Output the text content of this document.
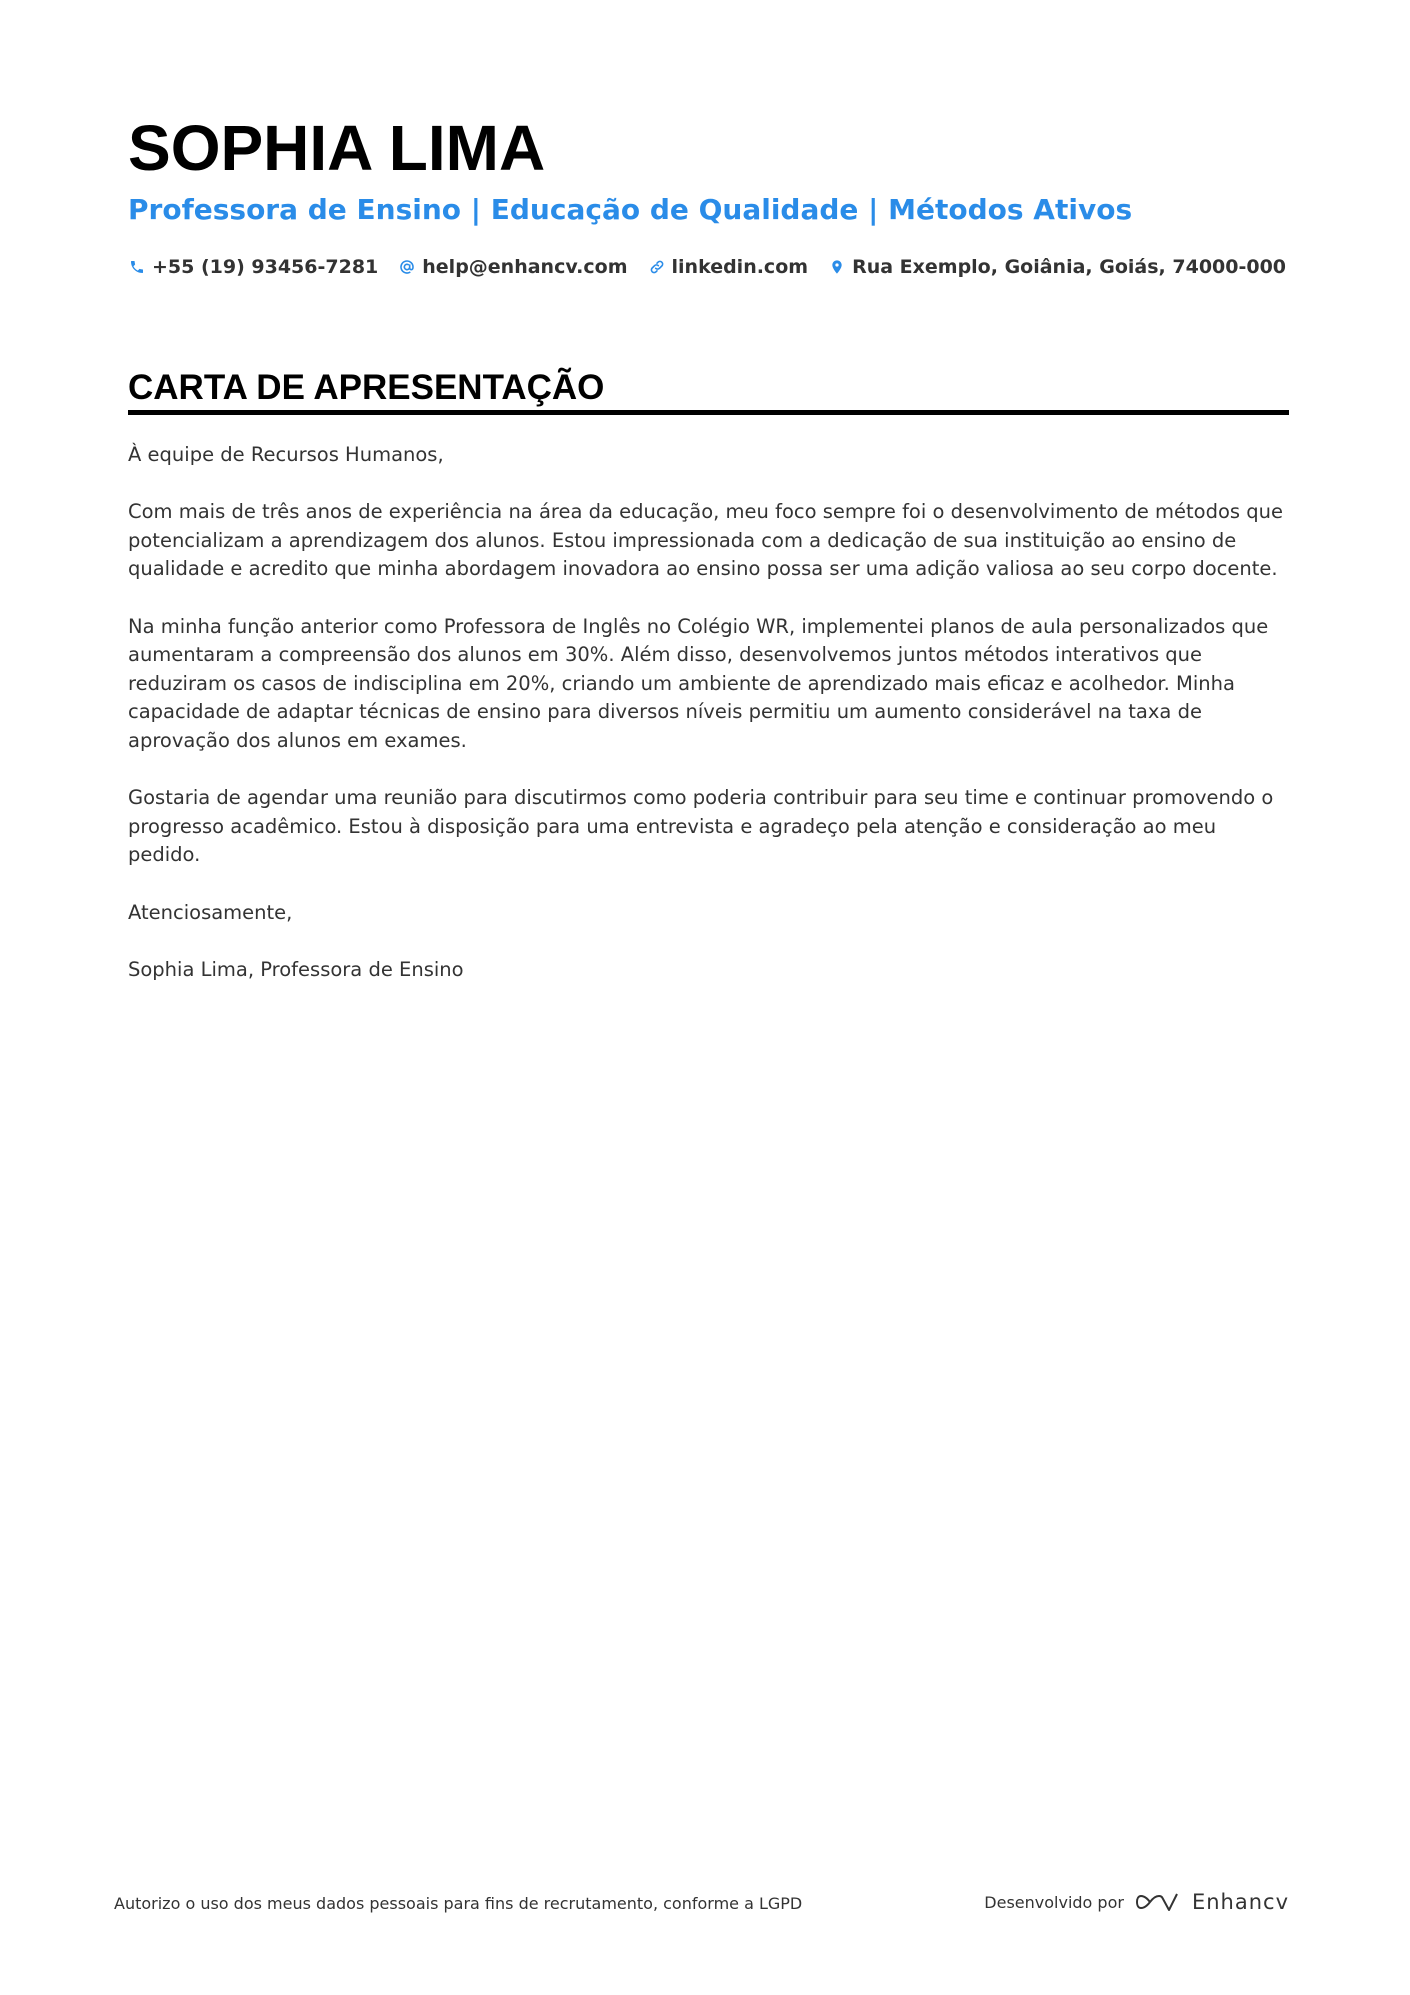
SOPHIA LIMA
Professora de Ensino | Educação de Qualidade | Métodos Ativos
+55 (19) 93456-7281 help@enhancv.com linkedin.com Rua Exemplo, Goiânia, Goiás, 74000-000
CARTA DE APRESENTAÇÃO

À equipe de Recursos Humanos,

Com mais de três anos de experiência na área da educação, meu foco sempre foi o desenvolvimento de métodos que potencializam a aprendizagem dos alunos. Estou impressionada com a dedicação de sua instituição ao ensino de qualidade e acredito que minha abordagem inovadora ao ensino possa ser uma adição valiosa ao seu corpo docente.

Na minha função anterior como Professora de Inglês no Colégio WR, implementei planos de aula personalizados que aumentaram a compreensão dos alunos em 30%. Além disso, desenvolvemos juntos métodos interativos que reduziram os casos de indisciplina em 20%, criando um ambiente de aprendizado mais eficaz e acolhedor. Minha capacidade de adaptar técnicas de ensino para diversos níveis permitiu um aumento considerável na taxa de aprovação dos alunos em exames.

Gostaria de agendar uma reunião para discutirmos como poderia contribuir para seu time e continuar promovendo o progresso acadêmico. Estou à disposição para uma entrevista e agradeço pela atenção e consideração ao meu pedido.

Atenciosamente,

Sophia Lima, Professora de Ensino

Autorizo o uso dos meus dados pessoais para fins de recrutamento, conforme a LGPD	Desenvolvido por	Enhancv
